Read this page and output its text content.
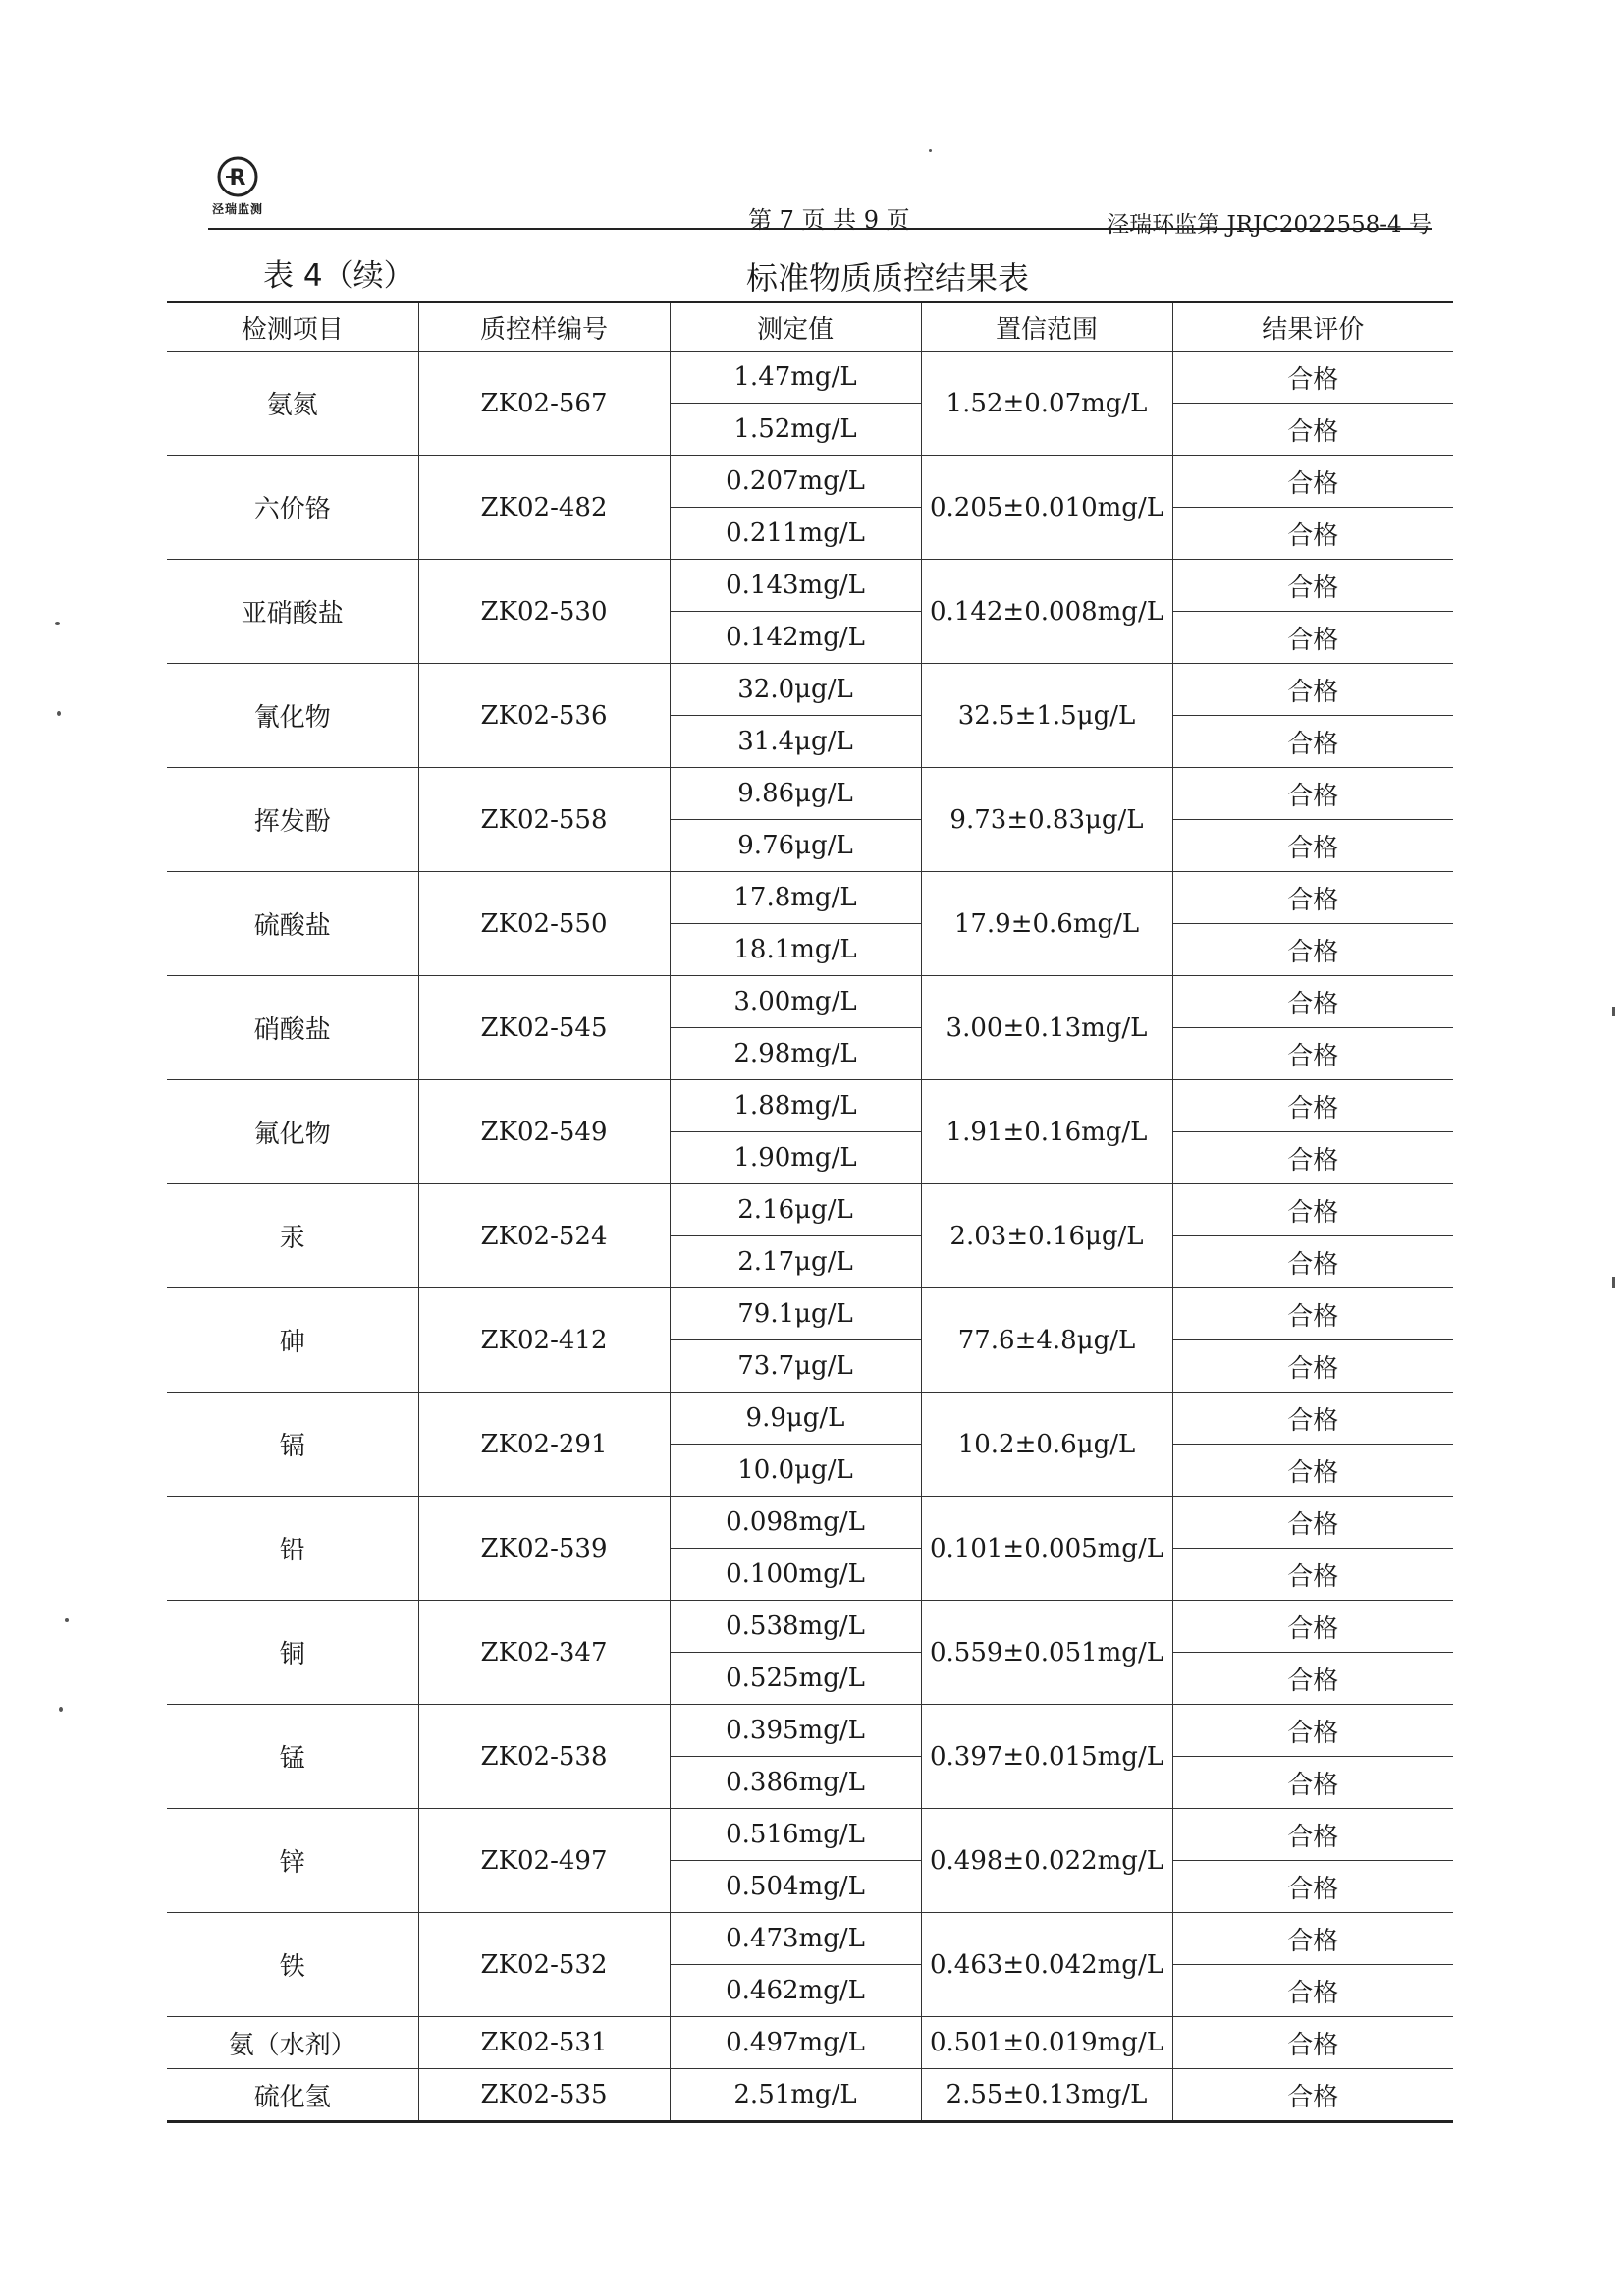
R
泾瑞监测	第 7 页 共 9 页	泾瑞环监第 JRJC2022558-4 号
表 4（续）	标准物质质控结果表
检测项目	质控样编号	测定值	置信范围	结果评价
氨氮	ZK02-567	1.47mg/L	1.52±0.07mg/L	合格
		1.52mg/L		合格
六价铬	ZK02-482	0.207mg/L	0.205±0.010mg/L	合格
		0.211mg/L		合格
亚硝酸盐	ZK02-530	0.143mg/L	0.142±0.008mg/L	合格
		0.142mg/L		合格
氰化物	ZK02-536	32.0μg/L	32.5±1.5μg/L	合格
		31.4μg/L		合格
挥发酚	ZK02-558	9.86μg/L	9.73±0.83μg/L	合格
		9.76μg/L		合格
硫酸盐	ZK02-550	17.8mg/L	17.9±0.6mg/L	合格
		18.1mg/L		合格
硝酸盐	ZK02-545	3.00mg/L	3.00±0.13mg/L	合格
		2.98mg/L		合格
氟化物	ZK02-549	1.88mg/L	1.91±0.16mg/L	合格
		1.90mg/L		合格
汞	ZK02-524	2.16μg/L	2.03±0.16μg/L	合格
		2.17μg/L		合格
砷	ZK02-412	79.1μg/L	77.6±4.8μg/L	合格
		73.7μg/L		合格
镉	ZK02-291	9.9μg/L	10.2±0.6μg/L	合格
		10.0μg/L		合格
铅	ZK02-539	0.098mg/L	0.101±0.005mg/L	合格
		0.100mg/L		合格
铜	ZK02-347	0.538mg/L	0.559±0.051mg/L	合格
		0.525mg/L		合格
锰	ZK02-538	0.395mg/L	0.397±0.015mg/L	合格
		0.386mg/L		合格
锌	ZK02-497	0.516mg/L	0.498±0.022mg/L	合格
		0.504mg/L		合格
铁	ZK02-532	0.473mg/L	0.463±0.042mg/L	合格
		0.462mg/L		合格
氨（水剂）	ZK02-531	0.497mg/L	0.501±0.019mg/L	合格
硫化氢	ZK02-535	2.51mg/L	2.55±0.13mg/L	合格
